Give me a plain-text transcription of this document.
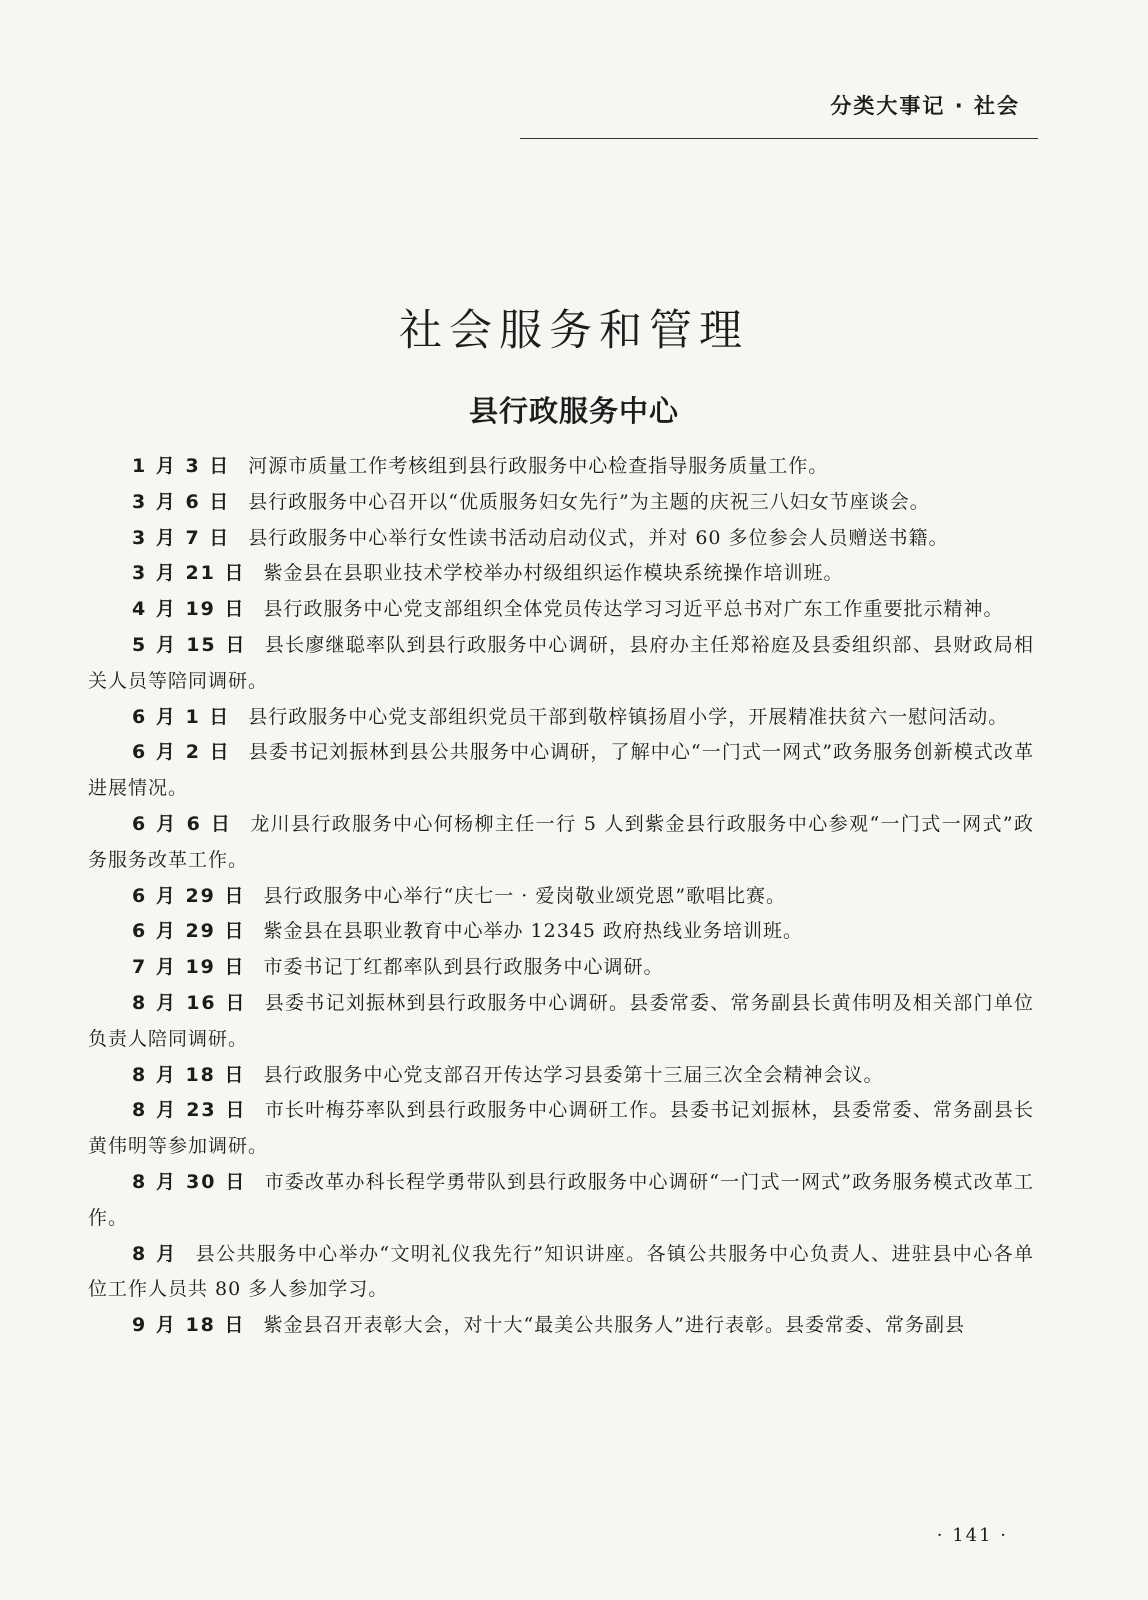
分类大事记 · 社会
社会服务和管理
县行政服务中心

1 月 3 日 河源市质量工作考核组到县行政服务中心检查指导服务质量工作。

3 月 6 日 县行政服务中心召开以“优质服务妇女先行”为主题的庆祝三八妇女节座谈会。

3 月 7 日 县行政服务中心举行女性读书活动启动仪式，并对 60 多位参会人员赠送书籍。

3 月 21 日 紫金县在县职业技术学校举办村级组织运作模块系统操作培训班。

4 月 19 日 县行政服务中心党支部组织全体党员传达学习习近平总书对广东工作重要批示精神。

5 月 15 日 县长廖继聪率队到县行政服务中心调研，县府办主任郑裕庭及县委组织部、县财政局相关人员等陪同调研。

6 月 1 日 县行政服务中心党支部组织党员干部到敬梓镇扬眉小学，开展精准扶贫六一慰问活动。

6 月 2 日 县委书记刘振林到县公共服务中心调研，了解中心“一门式一网式”政务服务创新模式改革进展情况。

6 月 6 日 龙川县行政服务中心何杨柳主任一行 5 人到紫金县行政服务中心参观“一门式一网式”政务服务改革工作。

6 月 29 日 县行政服务中心举行“庆七一 · 爱岗敬业颂党恩”歌唱比赛。

6 月 29 日 紫金县在县职业教育中心举办 12345 政府热线业务培训班。

7 月 19 日 市委书记丁红都率队到县行政服务中心调研。

8 月 16 日 县委书记刘振林到县行政服务中心调研。县委常委、常务副县长黄伟明及相关部门单位负责人陪同调研。

8 月 18 日 县行政服务中心党支部召开传达学习县委第十三届三次全会精神会议。

8 月 23 日 市长叶梅芬率队到县行政服务中心调研工作。县委书记刘振林，县委常委、常务副县长黄伟明等参加调研。

8 月 30 日 市委改革办科长程学勇带队到县行政服务中心调研“一门式一网式”政务服务模式改革工作。

8 月 县公共服务中心举办“文明礼仪我先行”知识讲座。各镇公共服务中心负责人、进驻县中心各单位工作人员共 80 多人参加学习。

9 月 18 日 紫金县召开表彰大会，对十大“最美公共服务人”进行表彰。县委常委、常务副县

· 141 ·
